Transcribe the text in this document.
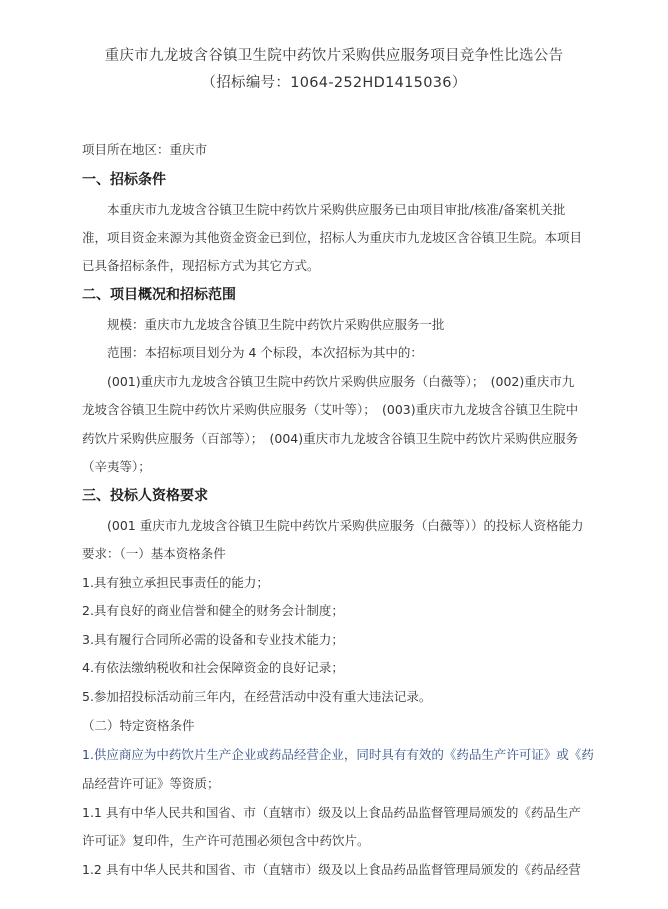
重庆市九龙坡含谷镇卫生院中药饮片采购供应服务项目竞争性比选公告
（招标编号：1064-252HD1415036）
项目所在地区：重庆市
一、招标条件
本重庆市九龙坡含谷镇卫生院中药饮片采购供应服务已由项目审批/核准/备案机关批
准，项目资金来源为其他资金资金已到位，招标人为重庆市九龙坡区含谷镇卫生院。本项目
已具备招标条件，现招标方式为其它方式。
二、项目概况和招标范围
规模：重庆市九龙坡含谷镇卫生院中药饮片采购供应服务一批
范围：本招标项目划分为 4 个标段，本次招标为其中的：
(001)重庆市九龙坡含谷镇卫生院中药饮片采购供应服务（白薇等）；　(002)重庆市九
龙坡含谷镇卫生院中药饮片采购供应服务（艾叶等）；　(003)重庆市九龙坡含谷镇卫生院中
药饮片采购供应服务（百部等）；　(004)重庆市九龙坡含谷镇卫生院中药饮片采购供应服务
（辛夷等）；
三、投标人资格要求
(001 重庆市九龙坡含谷镇卫生院中药饮片采购供应服务（白薇等））的投标人资格能力
要求：（一）基本资格条件
1.具有独立承担民事责任的能力；
2.具有良好的商业信誉和健全的财务会计制度；
3.具有履行合同所必需的设备和专业技术能力；
4.有依法缴纳税收和社会保障资金的良好记录；
5.参加招投标活动前三年内，在经营活动中没有重大违法记录。
（二）特定资格条件
1.供应商应为中药饮片生产企业或药品经营企业，同时具有有效的《药品生产许可证》或《药
品经营许可证》等资质；
1.1 具有中华人民共和国省、市（直辖市）级及以上食品药品监督管理局颁发的《药品生产
许可证》复印件，生产许可范围必须包含中药饮片。
1.2 具有中华人民共和国省、市（直辖市）级及以上食品药品监督管理局颁发的《药品经营
